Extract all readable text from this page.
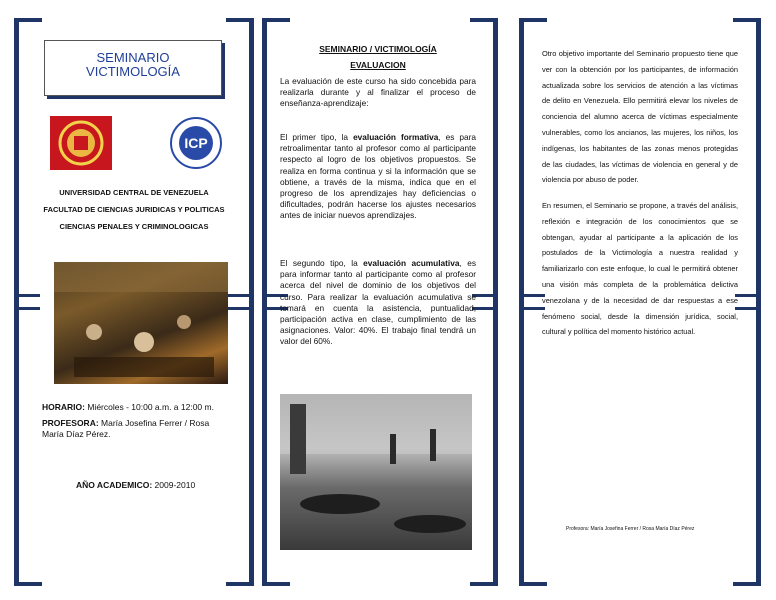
SEMINARIO
VICTIMOLOGÍA
ICP
UNIVERSIDAD CENTRAL DE VENEZUELA
FACULTAD DE CIENCIAS JURIDICAS Y POLITICAS
CIENCIAS PENALES Y CRIMINOLOGICAS
HORARIO: Miércoles - 10:00 a.m. a 12:00 m.
PROFESORA: María Josefina Ferrer / Rosa María Díaz Pérez.
AÑO ACADEMICO: 2009-2010
SEMINARIO / VICTIMOLOGÍA
EVALUACION
La evaluación de este curso ha sido concebida para realizarla durante y al finalizar el proceso de enseñanza-aprendizaje:
El primer tipo, la evaluación formativa, es para retroalimentar tanto al profesor como al participante respecto al logro de los objetivos propuestos. Se realiza en forma continua y si la información que se obtiene, a través de la misma, indica que en el progreso de los aprendizajes hay deficiencias o dificultades, podrán hacerse los ajustes necesarios antes de iniciar nuevos aprendizajes.
El segundo tipo, la evaluación acumulativa, es para informar tanto al participante como al profesor acerca del nivel de dominio de los objetivos del curso. Para realizar la evaluación acumulativa se tomará en cuenta la asistencia, puntualidad, participación activa en clase, cumplimiento de las asignaciones. Valor: 40%. El trabajo final tendrá un valor del 60%.
Otro objetivo importante del Seminario propuesto tiene que ver con la obtención por los participantes, de información actualizada sobre los servicios de atención a las víctimas de delito en Venezuela. Ello permitirá elevar los niveles de conciencia del alumno acerca de víctimas especialmente vulnerables, como los ancianos, las mujeres, los niños, los indígenas, los habitantes de las zonas menos protegidas de las ciudades, las víctimas de violencia en general y de violencia por abuso de poder.
En resumen, el Seminario se propone, a través del análisis, reflexión e integración de los conocimientos que se obtengan, ayudar al participante a la aplicación de los postulados de la Victimología a nuestra realidad y familiarizarlo con este enfoque, lo cual le permitirá obtener una visión más completa de la problemática delictiva venezolana y de la necesidad de dar respuestas a ese fenómeno social, desde la dimensión jurídica, social, cultural y política del momento histórico actual.
Profesora: María Josefina Ferrer / Rosa María Díaz Pérez
